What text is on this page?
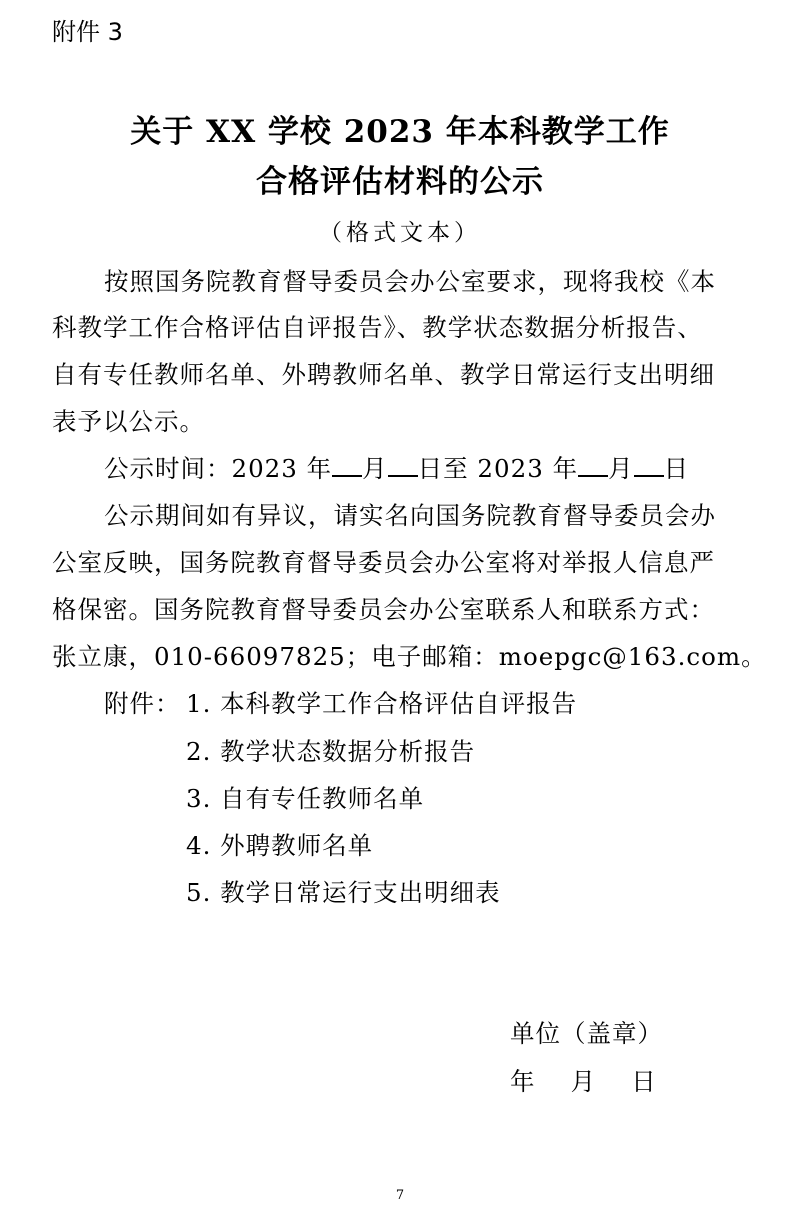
附件 3
关于 XX 学校 2023 年本科教学工作
合格评估材料的公示
（格式文本）
按照国务院教育督导委员会办公室要求，现将我校《本
科教学工作合格评估自评报告》、教学状态数据分析报告、
自有专任教师名单、外聘教师名单、教学日常运行支出明细
表予以公示。
公示时间：2023 年 月 日至 2023 年 月 日
公示期间如有异议，请实名向国务院教育督导委员会办
公室反映，国务院教育督导委员会办公室将对举报人信息严
格保密。国务院教育督导委员会办公室联系人和联系方式：
张立康，010-66097825；电子邮箱：moepgc@163.com。
附件： 1. 本科教学工作合格评估自评报告
2. 教学状态数据分析报告
3. 自有专任教师名单
4. 外聘教师名单
5. 教学日常运行支出明细表
单位（盖章）
年    月    日
7
